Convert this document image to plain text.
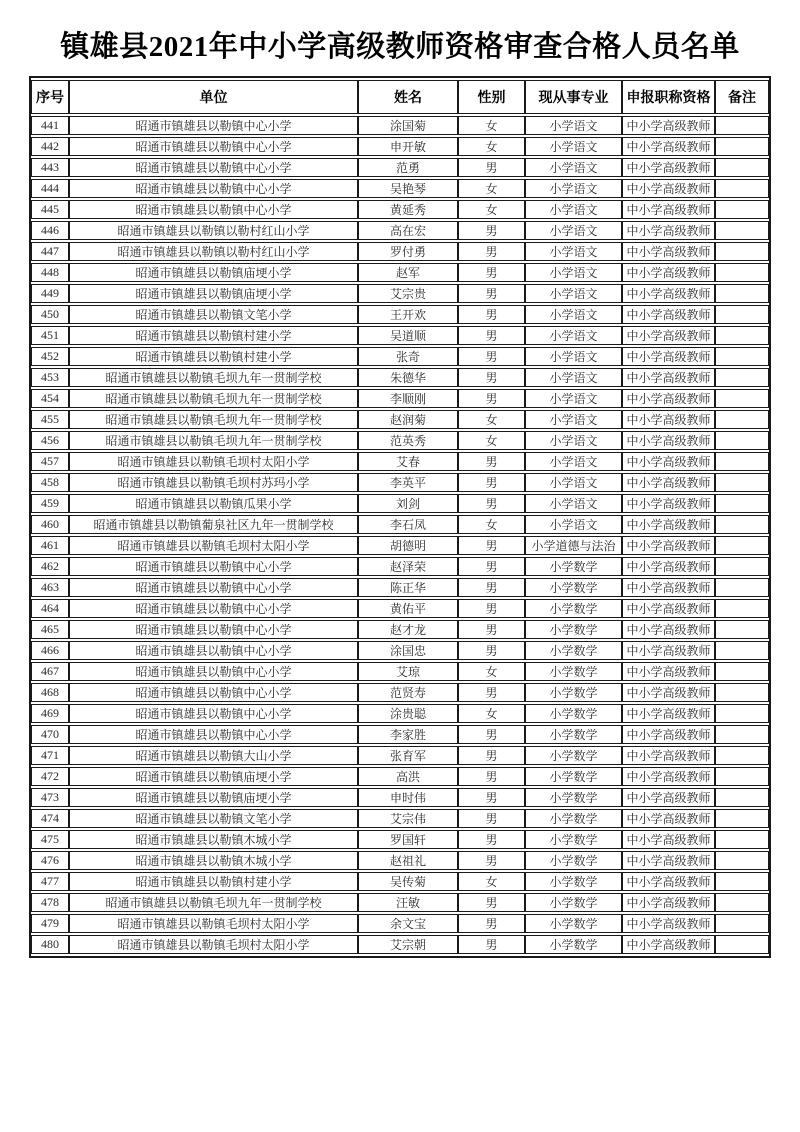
镇雄县2021年中小学高级教师资格审查合格人员名单
序号	单位	姓名	性别	现从事专业	申报职称资格	备注
441	昭通市镇雄县以勒镇中心小学	涂国菊	女	小学语文	中小学高级教师	
442	昭通市镇雄县以勒镇中心小学	申开敏	女	小学语文	中小学高级教师	
443	昭通市镇雄县以勒镇中心小学	范勇	男	小学语文	中小学高级教师	
444	昭通市镇雄县以勒镇中心小学	吴艳琴	女	小学语文	中小学高级教师	
445	昭通市镇雄县以勒镇中心小学	黄延秀	女	小学语文	中小学高级教师	
446	昭通市镇雄县以勒镇以勒村红山小学	高在宏	男	小学语文	中小学高级教师	
447	昭通市镇雄县以勒镇以勒村红山小学	罗付勇	男	小学语文	中小学高级教师	
448	昭通市镇雄县以勒镇庙埂小学	赵军	男	小学语文	中小学高级教师	
449	昭通市镇雄县以勒镇庙埂小学	艾宗贵	男	小学语文	中小学高级教师	
450	昭通市镇雄县以勒镇文笔小学	王开欢	男	小学语文	中小学高级教师	
451	昭通市镇雄县以勒镇村建小学	吴道顺	男	小学语文	中小学高级教师	
452	昭通市镇雄县以勒镇村建小学	张奇	男	小学语文	中小学高级教师	
453	昭通市镇雄县以勒镇毛坝九年一贯制学校	朱德华	男	小学语文	中小学高级教师	
454	昭通市镇雄县以勒镇毛坝九年一贯制学校	李顺刚	男	小学语文	中小学高级教师	
455	昭通市镇雄县以勒镇毛坝九年一贯制学校	赵润菊	女	小学语文	中小学高级教师	
456	昭通市镇雄县以勒镇毛坝九年一贯制学校	范英秀	女	小学语文	中小学高级教师	
457	昭通市镇雄县以勒镇毛坝村太阳小学	艾春	男	小学语文	中小学高级教师	
458	昭通市镇雄县以勒镇毛坝村苏玛小学	李英平	男	小学语文	中小学高级教师	
459	昭通市镇雄县以勒镇瓜果小学	刘剑	男	小学语文	中小学高级教师	
460	昭通市镇雄县以勒镇葡泉社区九年一贯制学校	李石凤	女	小学语文	中小学高级教师	
461	昭通市镇雄县以勒镇毛坝村太阳小学	胡德明	男	小学道德与法治	中小学高级教师	
462	昭通市镇雄县以勒镇中心小学	赵泽荣	男	小学数学	中小学高级教师	
463	昭通市镇雄县以勒镇中心小学	陈正华	男	小学数学	中小学高级教师	
464	昭通市镇雄县以勒镇中心小学	黄佑平	男	小学数学	中小学高级教师	
465	昭通市镇雄县以勒镇中心小学	赵才龙	男	小学数学	中小学高级教师	
466	昭通市镇雄县以勒镇中心小学	涂国忠	男	小学数学	中小学高级教师	
467	昭通市镇雄县以勒镇中心小学	艾琼	女	小学数学	中小学高级教师	
468	昭通市镇雄县以勒镇中心小学	范贤寿	男	小学数学	中小学高级教师	
469	昭通市镇雄县以勒镇中心小学	涂贵聪	女	小学数学	中小学高级教师	
470	昭通市镇雄县以勒镇中心小学	李家胜	男	小学数学	中小学高级教师	
471	昭通市镇雄县以勒镇大山小学	张育军	男	小学数学	中小学高级教师	
472	昭通市镇雄县以勒镇庙埂小学	高洪	男	小学数学	中小学高级教师	
473	昭通市镇雄县以勒镇庙埂小学	申时伟	男	小学数学	中小学高级教师	
474	昭通市镇雄县以勒镇文笔小学	艾宗伟	男	小学数学	中小学高级教师	
475	昭通市镇雄县以勒镇木城小学	罗国轩	男	小学数学	中小学高级教师	
476	昭通市镇雄县以勒镇木城小学	赵祖礼	男	小学数学	中小学高级教师	
477	昭通市镇雄县以勒镇村建小学	吴传菊	女	小学数学	中小学高级教师	
478	昭通市镇雄县以勒镇毛坝九年一贯制学校	汪敏	男	小学数学	中小学高级教师	
479	昭通市镇雄县以勒镇毛坝村太阳小学	余文宝	男	小学数学	中小学高级教师	
480	昭通市镇雄县以勒镇毛坝村太阳小学	艾宗朝	男	小学数学	中小学高级教师	
